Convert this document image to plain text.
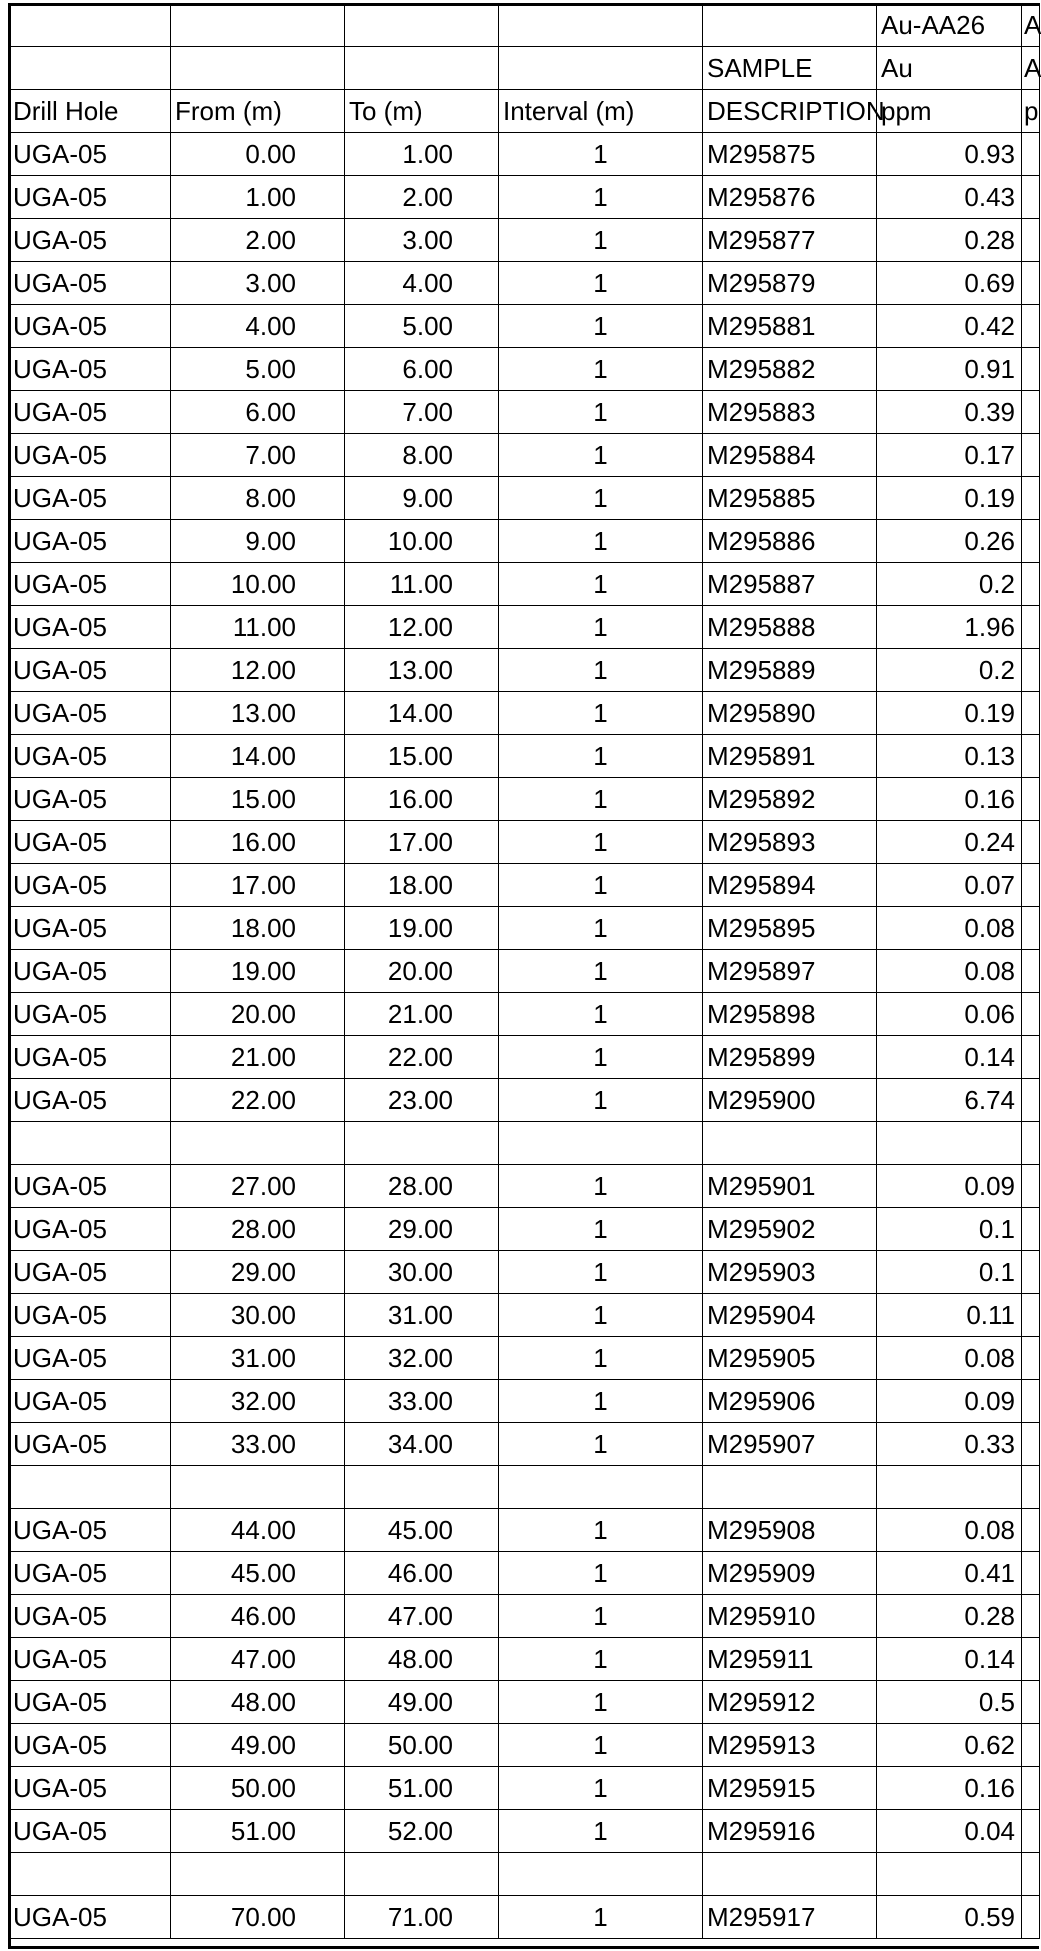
					Au-AA26	A
				SAMPLE	Au	A
Drill Hole	From (m)	To (m)	Interval (m)	DESCRIPTION	ppm	p
UGA-05	0.00	1.00	1	M295875	0.93	
UGA-05	1.00	2.00	1	M295876	0.43	
UGA-05	2.00	3.00	1	M295877	0.28	
UGA-05	3.00	4.00	1	M295879	0.69	
UGA-05	4.00	5.00	1	M295881	0.42	
UGA-05	5.00	6.00	1	M295882	0.91	
UGA-05	6.00	7.00	1	M295883	0.39	
UGA-05	7.00	8.00	1	M295884	0.17	
UGA-05	8.00	9.00	1	M295885	0.19	
UGA-05	9.00	10.00	1	M295886	0.26	
UGA-05	10.00	11.00	1	M295887	0.2	
UGA-05	11.00	12.00	1	M295888	1.96	
UGA-05	12.00	13.00	1	M295889	0.2	
UGA-05	13.00	14.00	1	M295890	0.19	
UGA-05	14.00	15.00	1	M295891	0.13	
UGA-05	15.00	16.00	1	M295892	0.16	
UGA-05	16.00	17.00	1	M295893	0.24	
UGA-05	17.00	18.00	1	M295894	0.07	
UGA-05	18.00	19.00	1	M295895	0.08	
UGA-05	19.00	20.00	1	M295897	0.08	
UGA-05	20.00	21.00	1	M295898	0.06	
UGA-05	21.00	22.00	1	M295899	0.14	
UGA-05	22.00	23.00	1	M295900	6.74	

UGA-05	27.00	28.00	1	M295901	0.09	
UGA-05	28.00	29.00	1	M295902	0.1	
UGA-05	29.00	30.00	1	M295903	0.1	
UGA-05	30.00	31.00	1	M295904	0.11	
UGA-05	31.00	32.00	1	M295905	0.08	
UGA-05	32.00	33.00	1	M295906	0.09	
UGA-05	33.00	34.00	1	M295907	0.33	

UGA-05	44.00	45.00	1	M295908	0.08	
UGA-05	45.00	46.00	1	M295909	0.41	
UGA-05	46.00	47.00	1	M295910	0.28	
UGA-05	47.00	48.00	1	M295911	0.14	
UGA-05	48.00	49.00	1	M295912	0.5	
UGA-05	49.00	50.00	1	M295913	0.62	
UGA-05	50.00	51.00	1	M295915	0.16	
UGA-05	51.00	52.00	1	M295916	0.04	

UGA-05	70.00	71.00	1	M295917	0.59	
